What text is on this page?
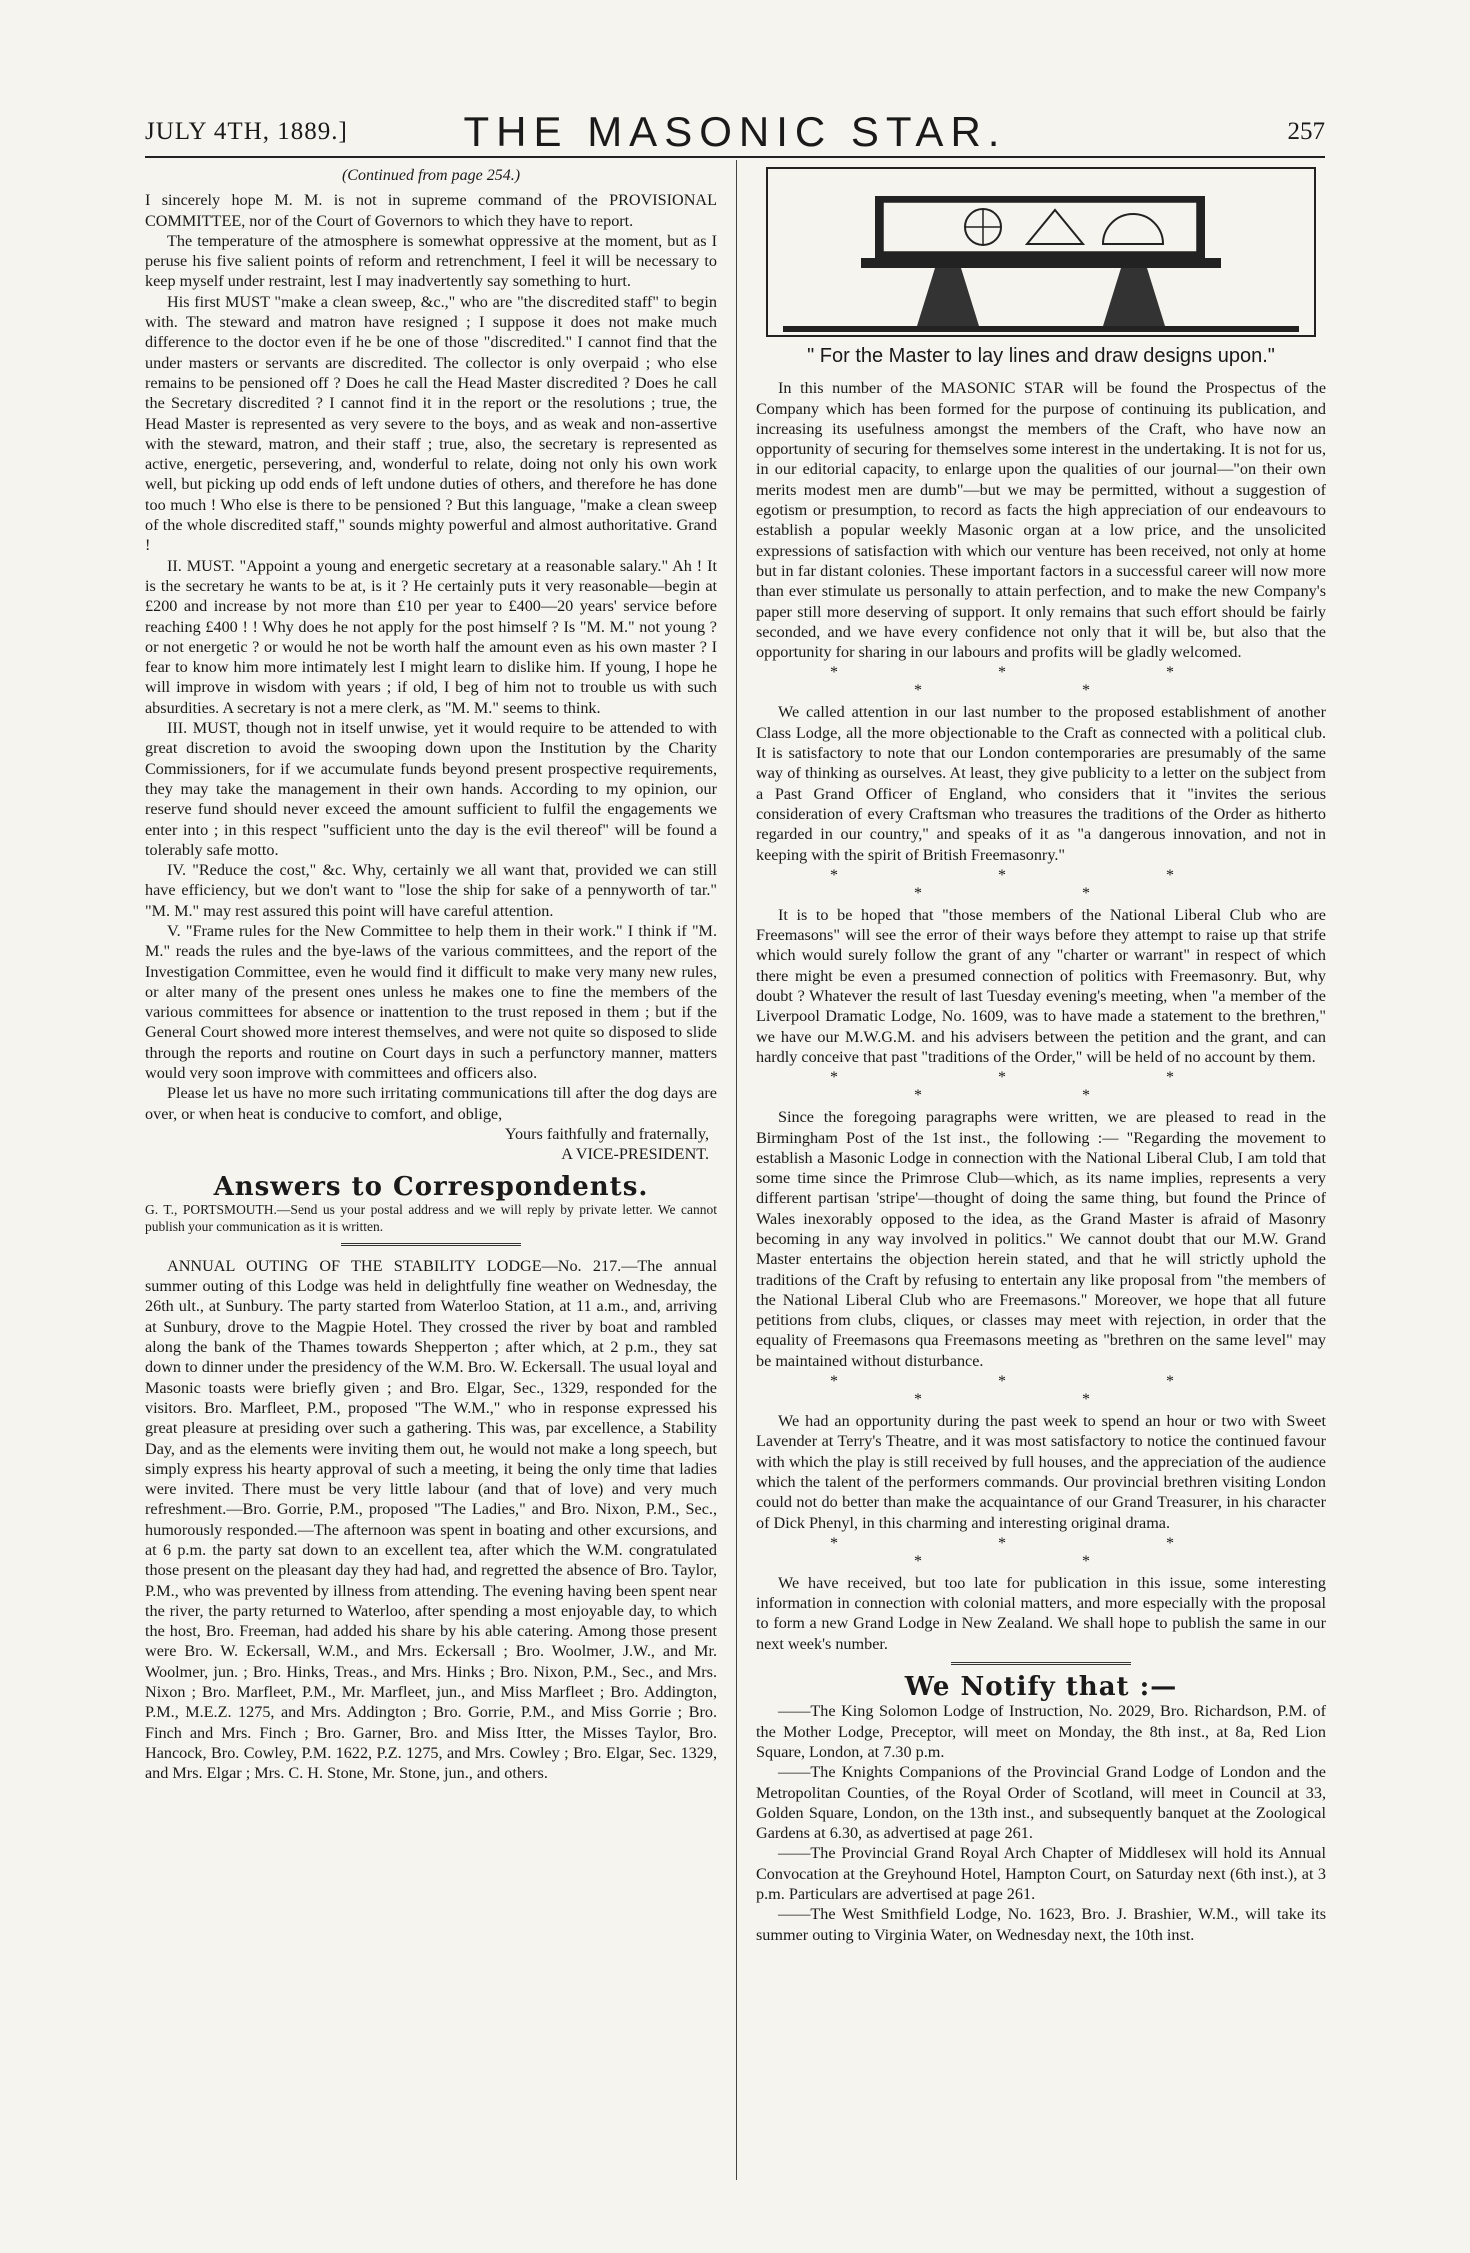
JULY 4TH, 1889.]	THE MASONIC STAR.	257
(Continued from page 254.)

I sincerely hope M. M. is not in supreme command of the PROVISIONAL COMMITTEE, nor of the Court of Governors to which they have to report.

The temperature of the atmosphere is somewhat oppressive at the moment, but as I peruse his five salient points of reform and retrenchment, I feel it will be necessary to keep myself under restraint, lest I may inadvertently say something to hurt.

His first MUST "make a clean sweep, &c.," who are "the discredited staff" to begin with. The steward and matron have resigned ; I suppose it does not make much difference to the doctor even if he be one of those "discredited." I cannot find that the under masters or servants are discredited. The collector is only overpaid ; who else remains to be pensioned off ? Does he call the Head Master discredited ? Does he call the Secretary discredited ? I cannot find it in the report or the resolutions ; true, the Head Master is represented as very severe to the boys, and as weak and non-assertive with the steward, matron, and their staff ; true, also, the secretary is represented as active, energetic, persevering, and, wonderful to relate, doing not only his own work well, but picking up odd ends of left undone duties of others, and therefore he has done too much ! Who else is there to be pensioned ? But this language, "make a clean sweep of the whole discredited staff," sounds mighty powerful and almost authoritative. Grand !

II. MUST. "Appoint a young and energetic secretary at a reasonable salary." Ah ! It is the secretary he wants to be at, is it ? He certainly puts it very reasonable—begin at £200 and increase by not more than £10 per year to £400—20 years' service before reaching £400 ! ! Why does he not apply for the post himself ? Is "M. M." not young ? or not energetic ? or would he not be worth half the amount even as his own master ? I fear to know him more intimately lest I might learn to dislike him. If young, I hope he will improve in wisdom with years ; if old, I beg of him not to trouble us with such absurdities. A secretary is not a mere clerk, as "M. M." seems to think.

III. MUST, though not in itself unwise, yet it would require to be attended to with great discretion to avoid the swooping down upon the Institution by the Charity Commissioners, for if we accumulate funds beyond present prospective requirements, they may take the management in their own hands. According to my opinion, our reserve fund should never exceed the amount sufficient to fulfil the engagements we enter into ; in this respect "sufficient unto the day is the evil thereof" will be found a tolerably safe motto.

IV. "Reduce the cost," &c. Why, certainly we all want that, provided we can still have efficiency, but we don't want to "lose the ship for sake of a pennyworth of tar." "M. M." may rest assured this point will have careful attention.

V. "Frame rules for the New Committee to help them in their work." I think if "M. M." reads the rules and the bye-laws of the various committees, and the report of the Investigation Committee, even he would find it difficult to make very many new rules, or alter many of the present ones unless he makes one to fine the members of the various committees for absence or inattention to the trust reposed in them ; but if the General Court showed more interest themselves, and were not quite so disposed to slide through the reports and routine on Court days in such a perfunctory manner, matters would very soon improve with committees and officers also.

Please let us have no more such irritating communications till after the dog days are over, or when heat is conducive to comfort, and oblige,

Yours faithfully and fraternally,
A VICE-PRESIDENT.
Answers to Correspondents.

G. T., PORTSMOUTH.—Send us your postal address and we will reply by private letter. We cannot publish your communication as it is written.

ANNUAL OUTING OF THE STABILITY LODGE—No. 217.—The annual summer outing of this Lodge was held in delightfully fine weather on Wednesday, the 26th ult., at Sunbury. The party started from Waterloo Station, at 11 a.m., and, arriving at Sunbury, drove to the Magpie Hotel. They crossed the river by boat and rambled along the bank of the Thames towards Shepperton ; after which, at 2 p.m., they sat down to dinner under the presidency of the W.M. Bro. W. Eckersall. The usual loyal and Masonic toasts were briefly given ; and Bro. Elgar, Sec., 1329, responded for the visitors. Bro. Marfleet, P.M., proposed "The W.M.," who in response expressed his great pleasure at presiding over such a gathering. This was, par excellence, a Stability Day, and as the elements were inviting them out, he would not make a long speech, but simply express his hearty approval of such a meeting, it being the only time that ladies were invited. There must be very little labour (and that of love) and very much refreshment.—Bro. Gorrie, P.M., proposed "The Ladies," and Bro. Nixon, P.M., Sec., humorously responded.—The afternoon was spent in boating and other excursions, and at 6 p.m. the party sat down to an excellent tea, after which the W.M. congratulated those present on the pleasant day they had had, and regretted the absence of Bro. Taylor, P.M., who was prevented by illness from attending. The evening having been spent near the river, the party returned to Waterloo, after spending a most enjoyable day, to which the host, Bro. Freeman, had added his share by his able catering. Among those present were Bro. W. Eckersall, W.M., and Mrs. Eckersall ; Bro. Woolmer, J.W., and Mr. Woolmer, jun. ; Bro. Hinks, Treas., and Mrs. Hinks ; Bro. Nixon, P.M., Sec., and Mrs. Nixon ; Bro. Marfleet, P.M., Mr. Marfleet, jun., and Miss Marfleet ; Bro. Addington, P.M., M.E.Z. 1275, and Mrs. Addington ; Bro. Gorrie, P.M., and Miss Gorrie ; Bro. Finch and Mrs. Finch ; Bro. Garner, Bro. and Miss Itter, the Misses Taylor, Bro. Hancock, Bro. Cowley, P.M. 1622, P.Z. 1275, and Mrs. Cowley ; Bro. Elgar, Sec. 1329, and Mrs. Elgar ; Mrs. C. H. Stone, Mr. Stone, jun., and others.

" For the Master to lay lines and draw designs upon."

In this number of the MASONIC STAR will be found the Prospectus of the Company which has been formed for the purpose of continuing its publication, and increasing its usefulness amongst the members of the Craft, who have now an opportunity of securing for themselves some interest in the undertaking. It is not for us, in our editorial capacity, to enlarge upon the qualities of our journal—"on their own merits modest men are dumb"—but we may be permitted, without a suggestion of egotism or presumption, to record as facts the high appreciation of our endeavours to establish a popular weekly Masonic organ at a low price, and the unsolicited expressions of satisfaction with which our venture has been received, not only at home but in far distant colonies. These important factors in a successful career will now more than ever stimulate us personally to attain perfection, and to make the new Company's paper still more deserving of support. It only remains that such effort should be fairly seconded, and we have every confidence not only that it will be, but also that the opportunity for sharing in our labours and profits will be gladly welcomed.

* * * * *

We called attention in our last number to the proposed establishment of another Class Lodge, all the more objectionable to the Craft as connected with a political club. It is satisfactory to note that our London contemporaries are presumably of the same way of thinking as ourselves. At least, they give publicity to a letter on the subject from a Past Grand Officer of England, who considers that it "invites the serious consideration of every Craftsman who treasures the traditions of the Order as hitherto regarded in our country," and speaks of it as "a dangerous innovation, and not in keeping with the spirit of British Freemasonry."

* * * * *

It is to be hoped that "those members of the National Liberal Club who are Freemasons" will see the error of their ways before they attempt to raise up that strife which would surely follow the grant of any "charter or warrant" in respect of which there might be even a presumed connection of politics with Freemasonry. But, why doubt ? Whatever the result of last Tuesday evening's meeting, when "a member of the Liverpool Dramatic Lodge, No. 1609, was to have made a statement to the brethren," we have our M.W.G.M. and his advisers between the petition and the grant, and can hardly conceive that past "traditions of the Order," will be held of no account by them.

* * * * *

Since the foregoing paragraphs were written, we are pleased to read in the Birmingham Post of the 1st inst., the following :— "Regarding the movement to establish a Masonic Lodge in connection with the National Liberal Club, I am told that some time since the Primrose Club—which, as its name implies, represents a very different partisan 'stripe'—thought of doing the same thing, but found the Prince of Wales inexorably opposed to the idea, as the Grand Master is afraid of Masonry becoming in any way involved in politics." We cannot doubt that our M.W. Grand Master entertains the objection herein stated, and that he will strictly uphold the traditions of the Craft by refusing to entertain any like proposal from "the members of the National Liberal Club who are Freemasons." Moreover, we hope that all future petitions from clubs, cliques, or classes may meet with rejection, in order that the equality of Freemasons qua Freemasons meeting as "brethren on the same level" may be maintained without disturbance.

* * * * *

We had an opportunity during the past week to spend an hour or two with Sweet Lavender at Terry's Theatre, and it was most satisfactory to notice the continued favour with which the play is still received by full houses, and the appreciation of the audience which the talent of the performers commands. Our provincial brethren visiting London could not do better than make the acquaintance of our Grand Treasurer, in his character of Dick Phenyl, in this charming and interesting original drama.

* * * * *

We have received, but too late for publication in this issue, some interesting information in connection with colonial matters, and more especially with the proposal to form a new Grand Lodge in New Zealand. We shall hope to publish the same in our next week's number.

We Notify that :—

——The King Solomon Lodge of Instruction, No. 2029, Bro. Richardson, P.M. of the Mother Lodge, Preceptor, will meet on Monday, the 8th inst., at 8a, Red Lion Square, London, at 7.30 p.m.

——The Knights Companions of the Provincial Grand Lodge of London and the Metropolitan Counties, of the Royal Order of Scotland, will meet in Council at 33, Golden Square, London, on the 13th inst., and subsequently banquet at the Zoological Gardens at 6.30, as advertised at page 261.

——The Provincial Grand Royal Arch Chapter of Middlesex will hold its Annual Convocation at the Greyhound Hotel, Hampton Court, on Saturday next (6th inst.), at 3 p.m. Particulars are advertised at page 261.

——The West Smithfield Lodge, No. 1623, Bro. J. Brashier, W.M., will take its summer outing to Virginia Water, on Wednesday next, the 10th inst.
